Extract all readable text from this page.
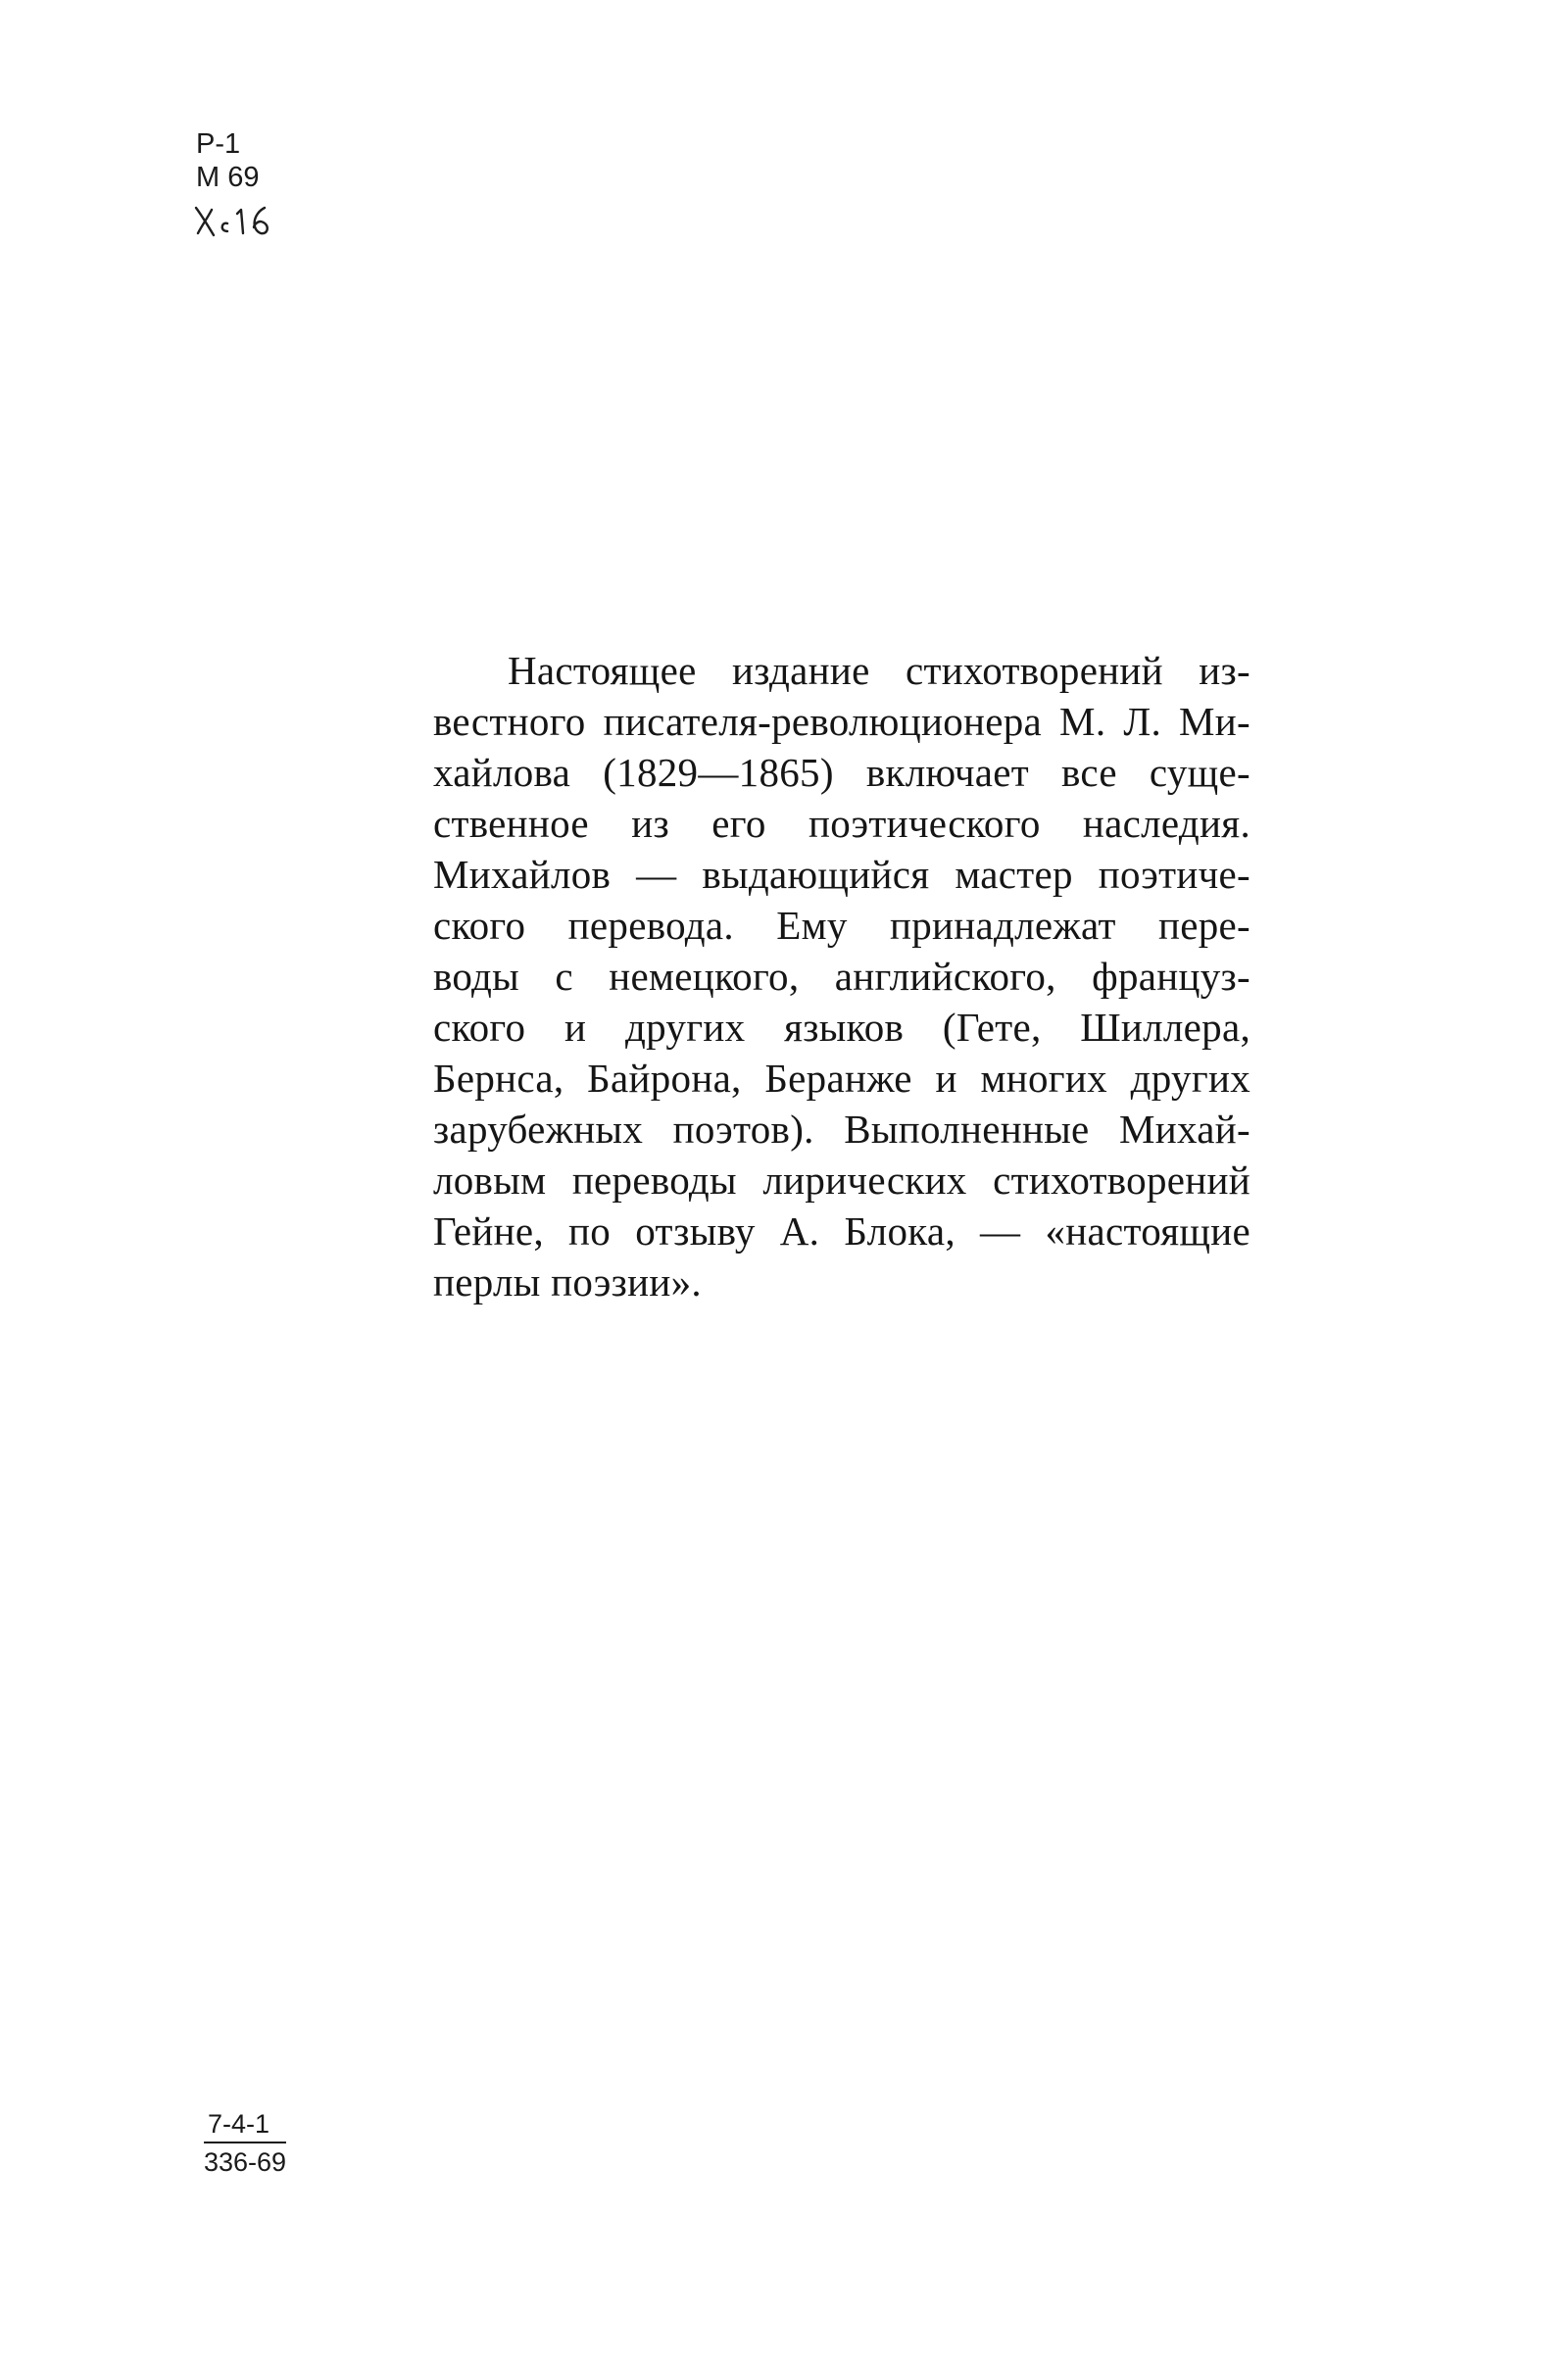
Р-1
М 69
Настоящее издание стихотворений из-
вестного писателя-революционера М. Л. Ми-
хайлова (1829—1865) включает все суще-
ственное из его поэтического наследия.
Михайлов — выдающийся мастер поэтиче-
ского перевода. Ему принадлежат пере-
воды с немецкого, английского, француз-
ского и других языков (Гете, Шиллера,
Бернса, Байрона, Беранже и многих других
зарубежных поэтов). Выполненные Михай-
ловым переводы лирических стихотворений
Гейне, по отзыву А. Блока, — «настоящие
перлы поэзии».
7-4-1
336-69
